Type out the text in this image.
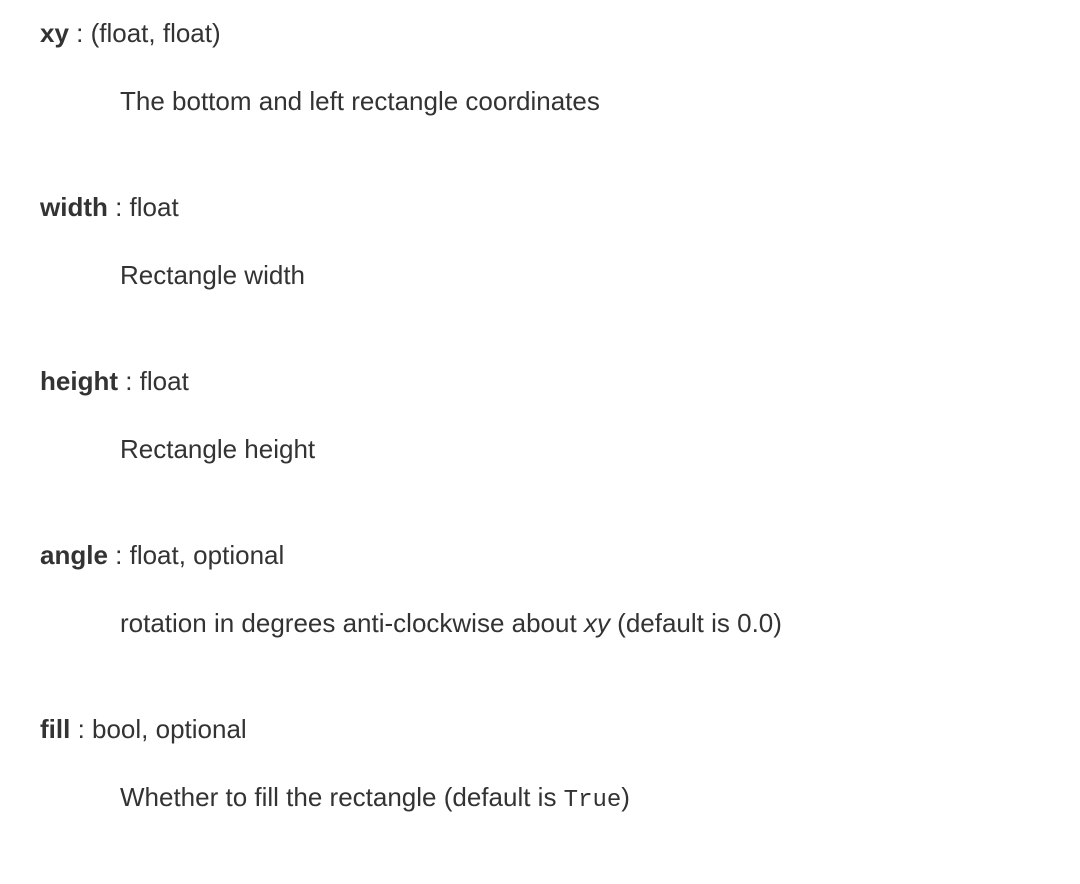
xy : (float, float)
The bottom and left rectangle coordinates
width : float
Rectangle width
height : float
Rectangle height
angle : float, optional
rotation in degrees anti-clockwise about xy (default is 0.0)
fill : bool, optional
Whether to fill the rectangle (default is True)
